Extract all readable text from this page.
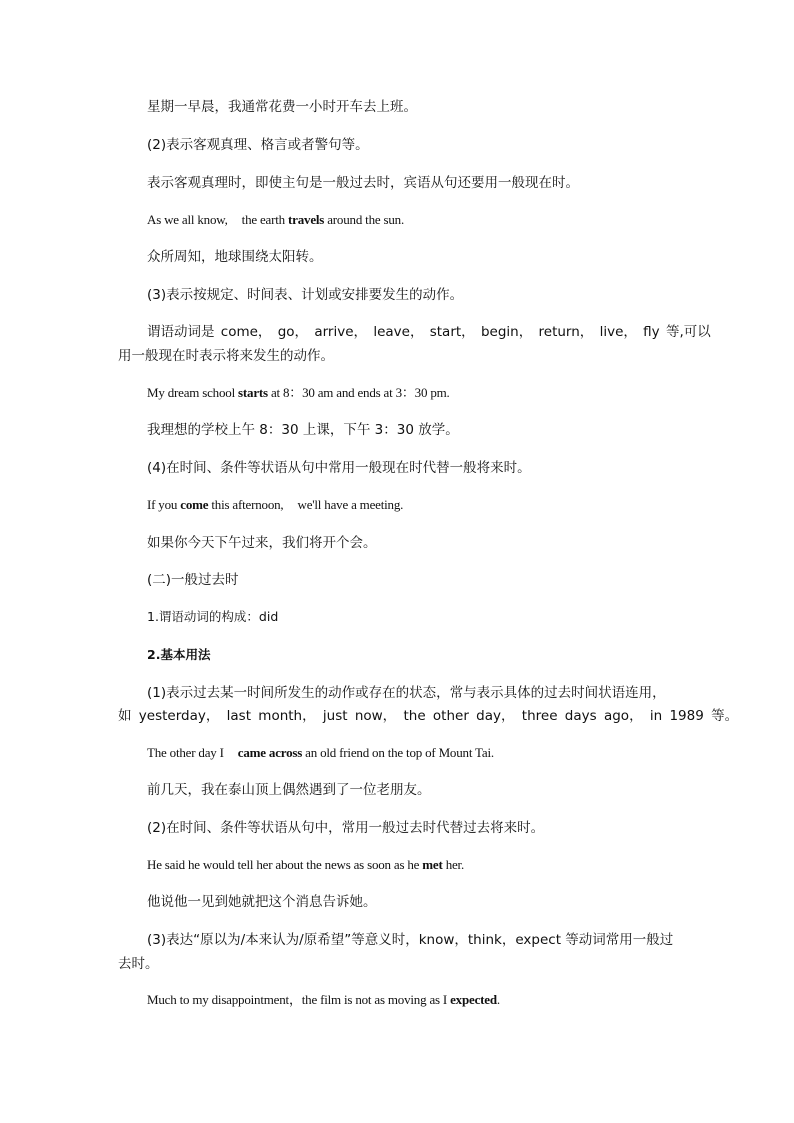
星期一早晨，我通常花费一小时开车去上班。
(2)表示客观真理、格言或者警句等。
表示客观真理时，即使主句是一般过去时，宾语从句还要用一般现在时。
As we all know, the earth travels around the sun.
众所周知，地球围绕太阳转。
(3)表示按规定、时间表、计划或安排要发生的动作。
谓语动词是 come， go， arrive， leave， start， begin， return， live， fly 等,可以
用一般现在时表示将来发生的动作。
My dream school starts at 8：30 am and ends at 3：30 pm.
我理想的学校上午 8：30 上课，下午 3：30 放学。
(4)在时间、条件等状语从句中常用一般现在时代替一般将来时。
If you come this afternoon, we'll have a meeting.
如果你今天下午过来，我们将开个会。
(二)一般过去时
1.谓语动词的构成：did
2.基本用法
(1)表示过去某一时间所发生的动作或存在的状态，常与表示具体的过去时间状语连用，
如 yesterday， last month， just now， the other day， three days ago， in 1989 等。
The other day I came across an old friend on the top of Mount Tai.
前几天，我在泰山顶上偶然遇到了一位老朋友。
(2)在时间、条件等状语从句中，常用一般过去时代替过去将来时。
He said he would tell her about the news as soon as he met her.
他说他一见到她就把这个消息告诉她。
(3)表达“原以为/本来认为/原希望”等意义时，know，think，expect 等动词常用一般过
去时。
Much to my disappointment，the film is not as moving as I expected.
